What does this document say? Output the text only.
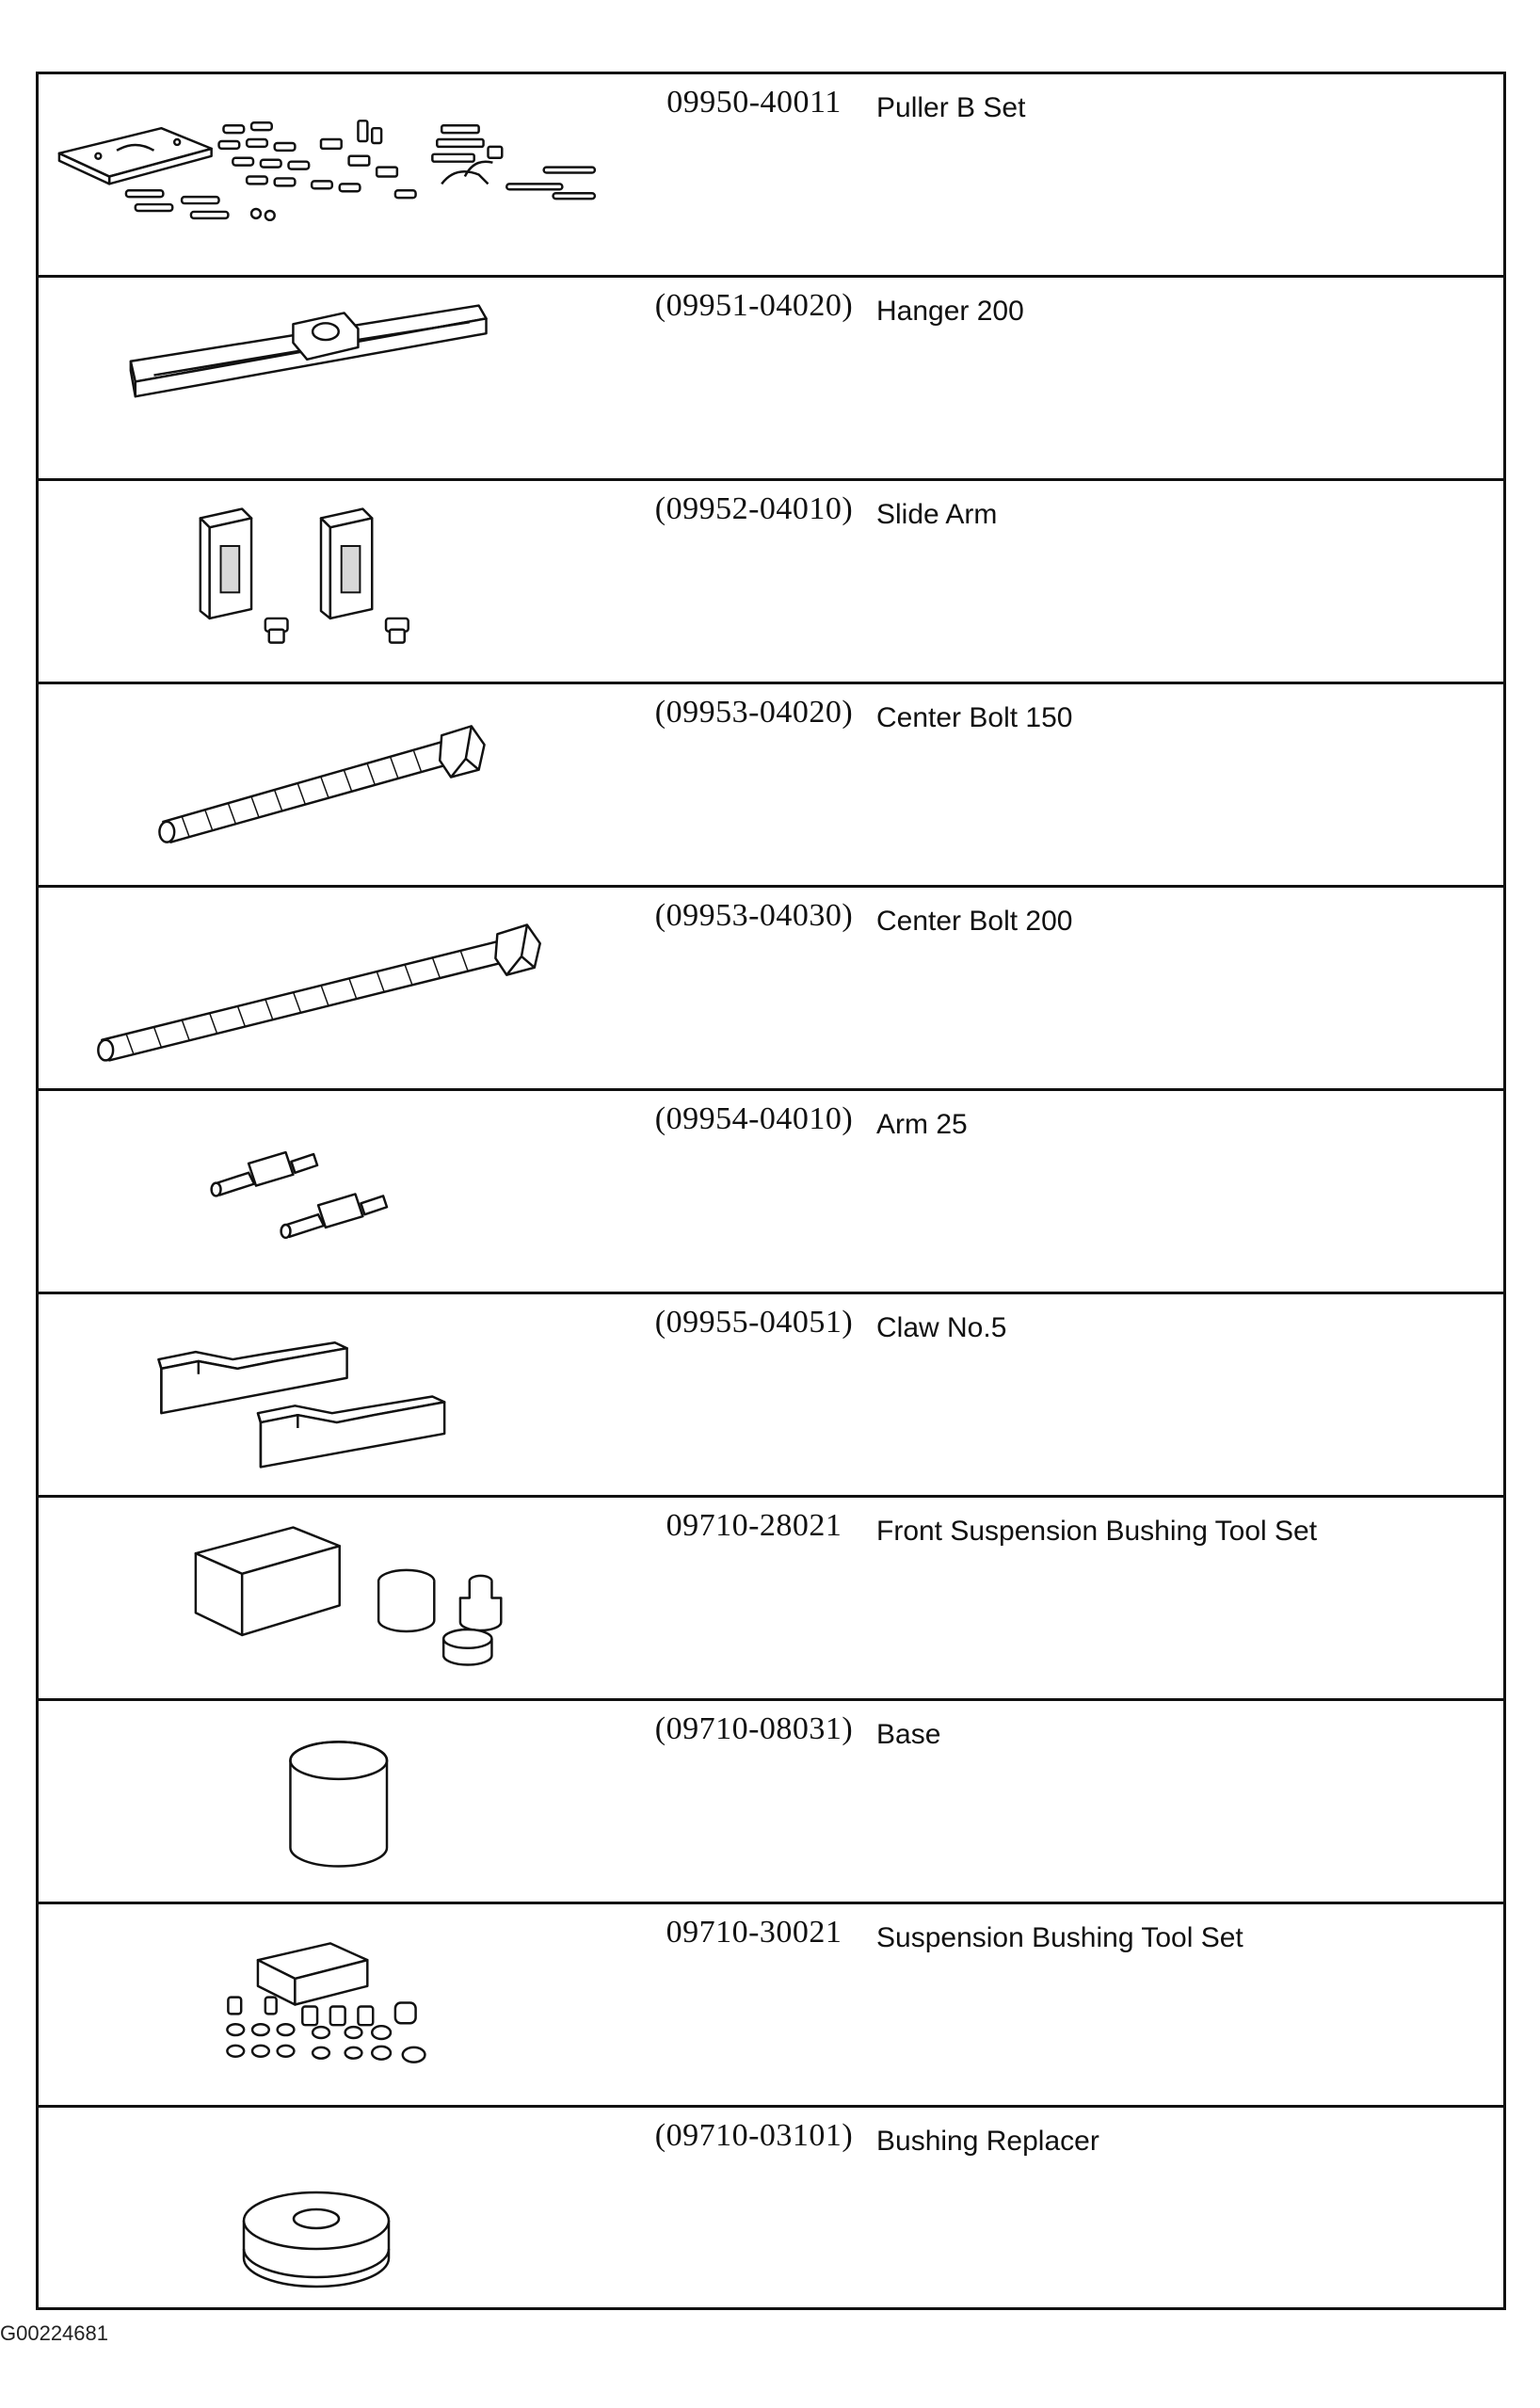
09950-40011	Puller B Set
(09951-04020) Hanger 200
(09952-04010) Slide Arm
(09953-04020) Center Bolt 150
(09953-04030) Center Bolt 200
(09954-04010) Arm 25
(09955-04051) Claw No.5
09710-28021	Front Suspension Bushing Tool Set
(09710-08031) Base
09710-30021	Suspension Bushing Tool Set
(09710-03101) Bushing Replacer
G00224681
